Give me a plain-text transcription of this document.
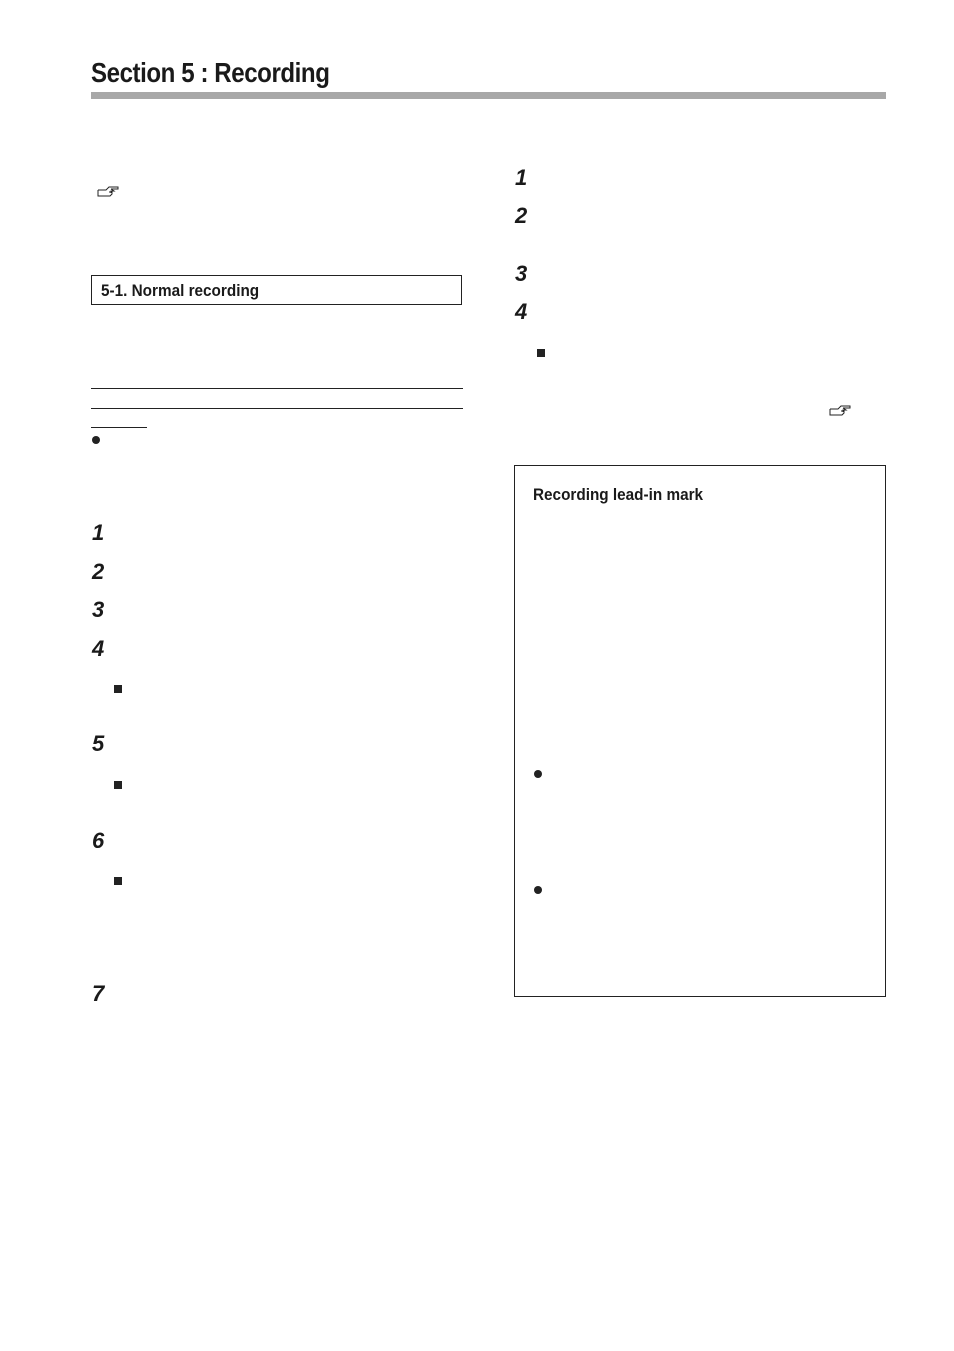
Section 5 : Recording
5-1. Normal recording
1
2
3
4
5
6
7
1
2
3
4
Recording lead-in mark
